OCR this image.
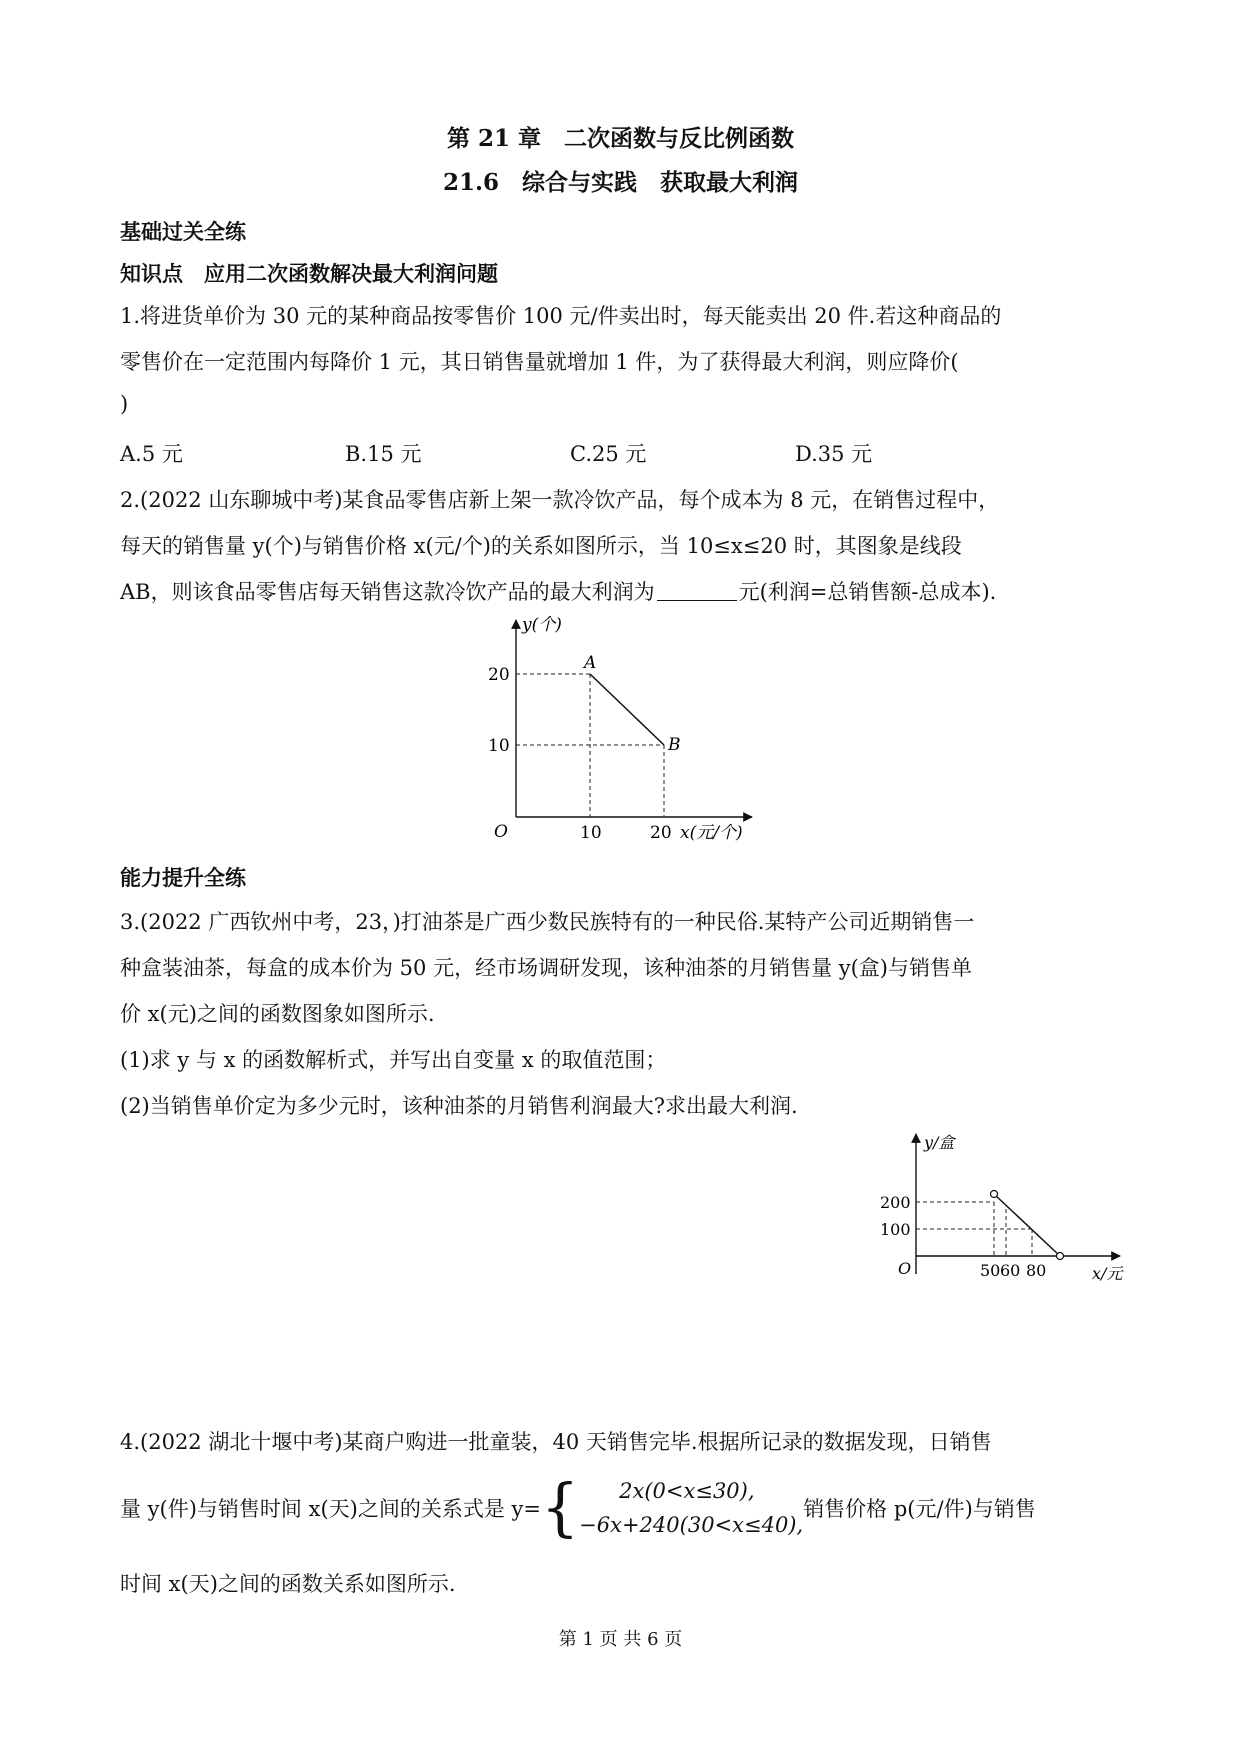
第 21 章　二次函数与反比例函数
21.6　综合与实践　获取最大利润
基础过关全练
知识点　应用二次函数解决最大利润问题
1.将进货单价为 30 元的某种商品按零售价 100 元/件卖出时，每天能卖出 20 件.若这种商品的
零售价在一定范围内每降价 1 元，其日销售量就增加 1 件，为了获得最大利润，则应降价(
)
A.5 元	B.15 元	C.25 元	D.35 元
2.(2022 山东聊城中考)某食品零售店新上架一款冷饮产品，每个成本为 8 元，在销售过程中，
每天的销售量 y(个)与销售价格 x(元/个)的关系如图所示，当 10≤x≤20 时，其图象是线段
AB，则该食品零售店每天销售这款冷饮产品的最大利润为	元(利润=总销售额-总成本).
y(个)
x(元/个)
O	10	20
20
10
A
B
能力提升全练
3.(2022 广西钦州中考，23，)打油茶是广西少数民族特有的一种民俗.某特产公司近期销售一
种盒装油茶，每盒的成本价为 50 元，经市场调研发现，该种油茶的月销售量 y(盒)与销售单
价 x(元)之间的函数图象如图所示.
(1)求 y 与 x 的函数解析式，并写出自变量 x 的取值范围；
(2)当销售单价定为多少元时，该种油茶的月销售利润最大?求出最大利润.
y/盒
x/元
O	50 60 80
200
100
4.(2022 湖北十堰中考)某商户购进一批童装，40 天销售完毕.根据所记录的数据发现，日销售
量 y(件)与销售时间 x(天)之间的关系式是 y= {	2x(0<x≤30),
−6x+240(30<x≤40),
销售价格 p(元/件)与销售
时间 x(天)之间的函数关系如图所示.
第 1 页 共 6 页
